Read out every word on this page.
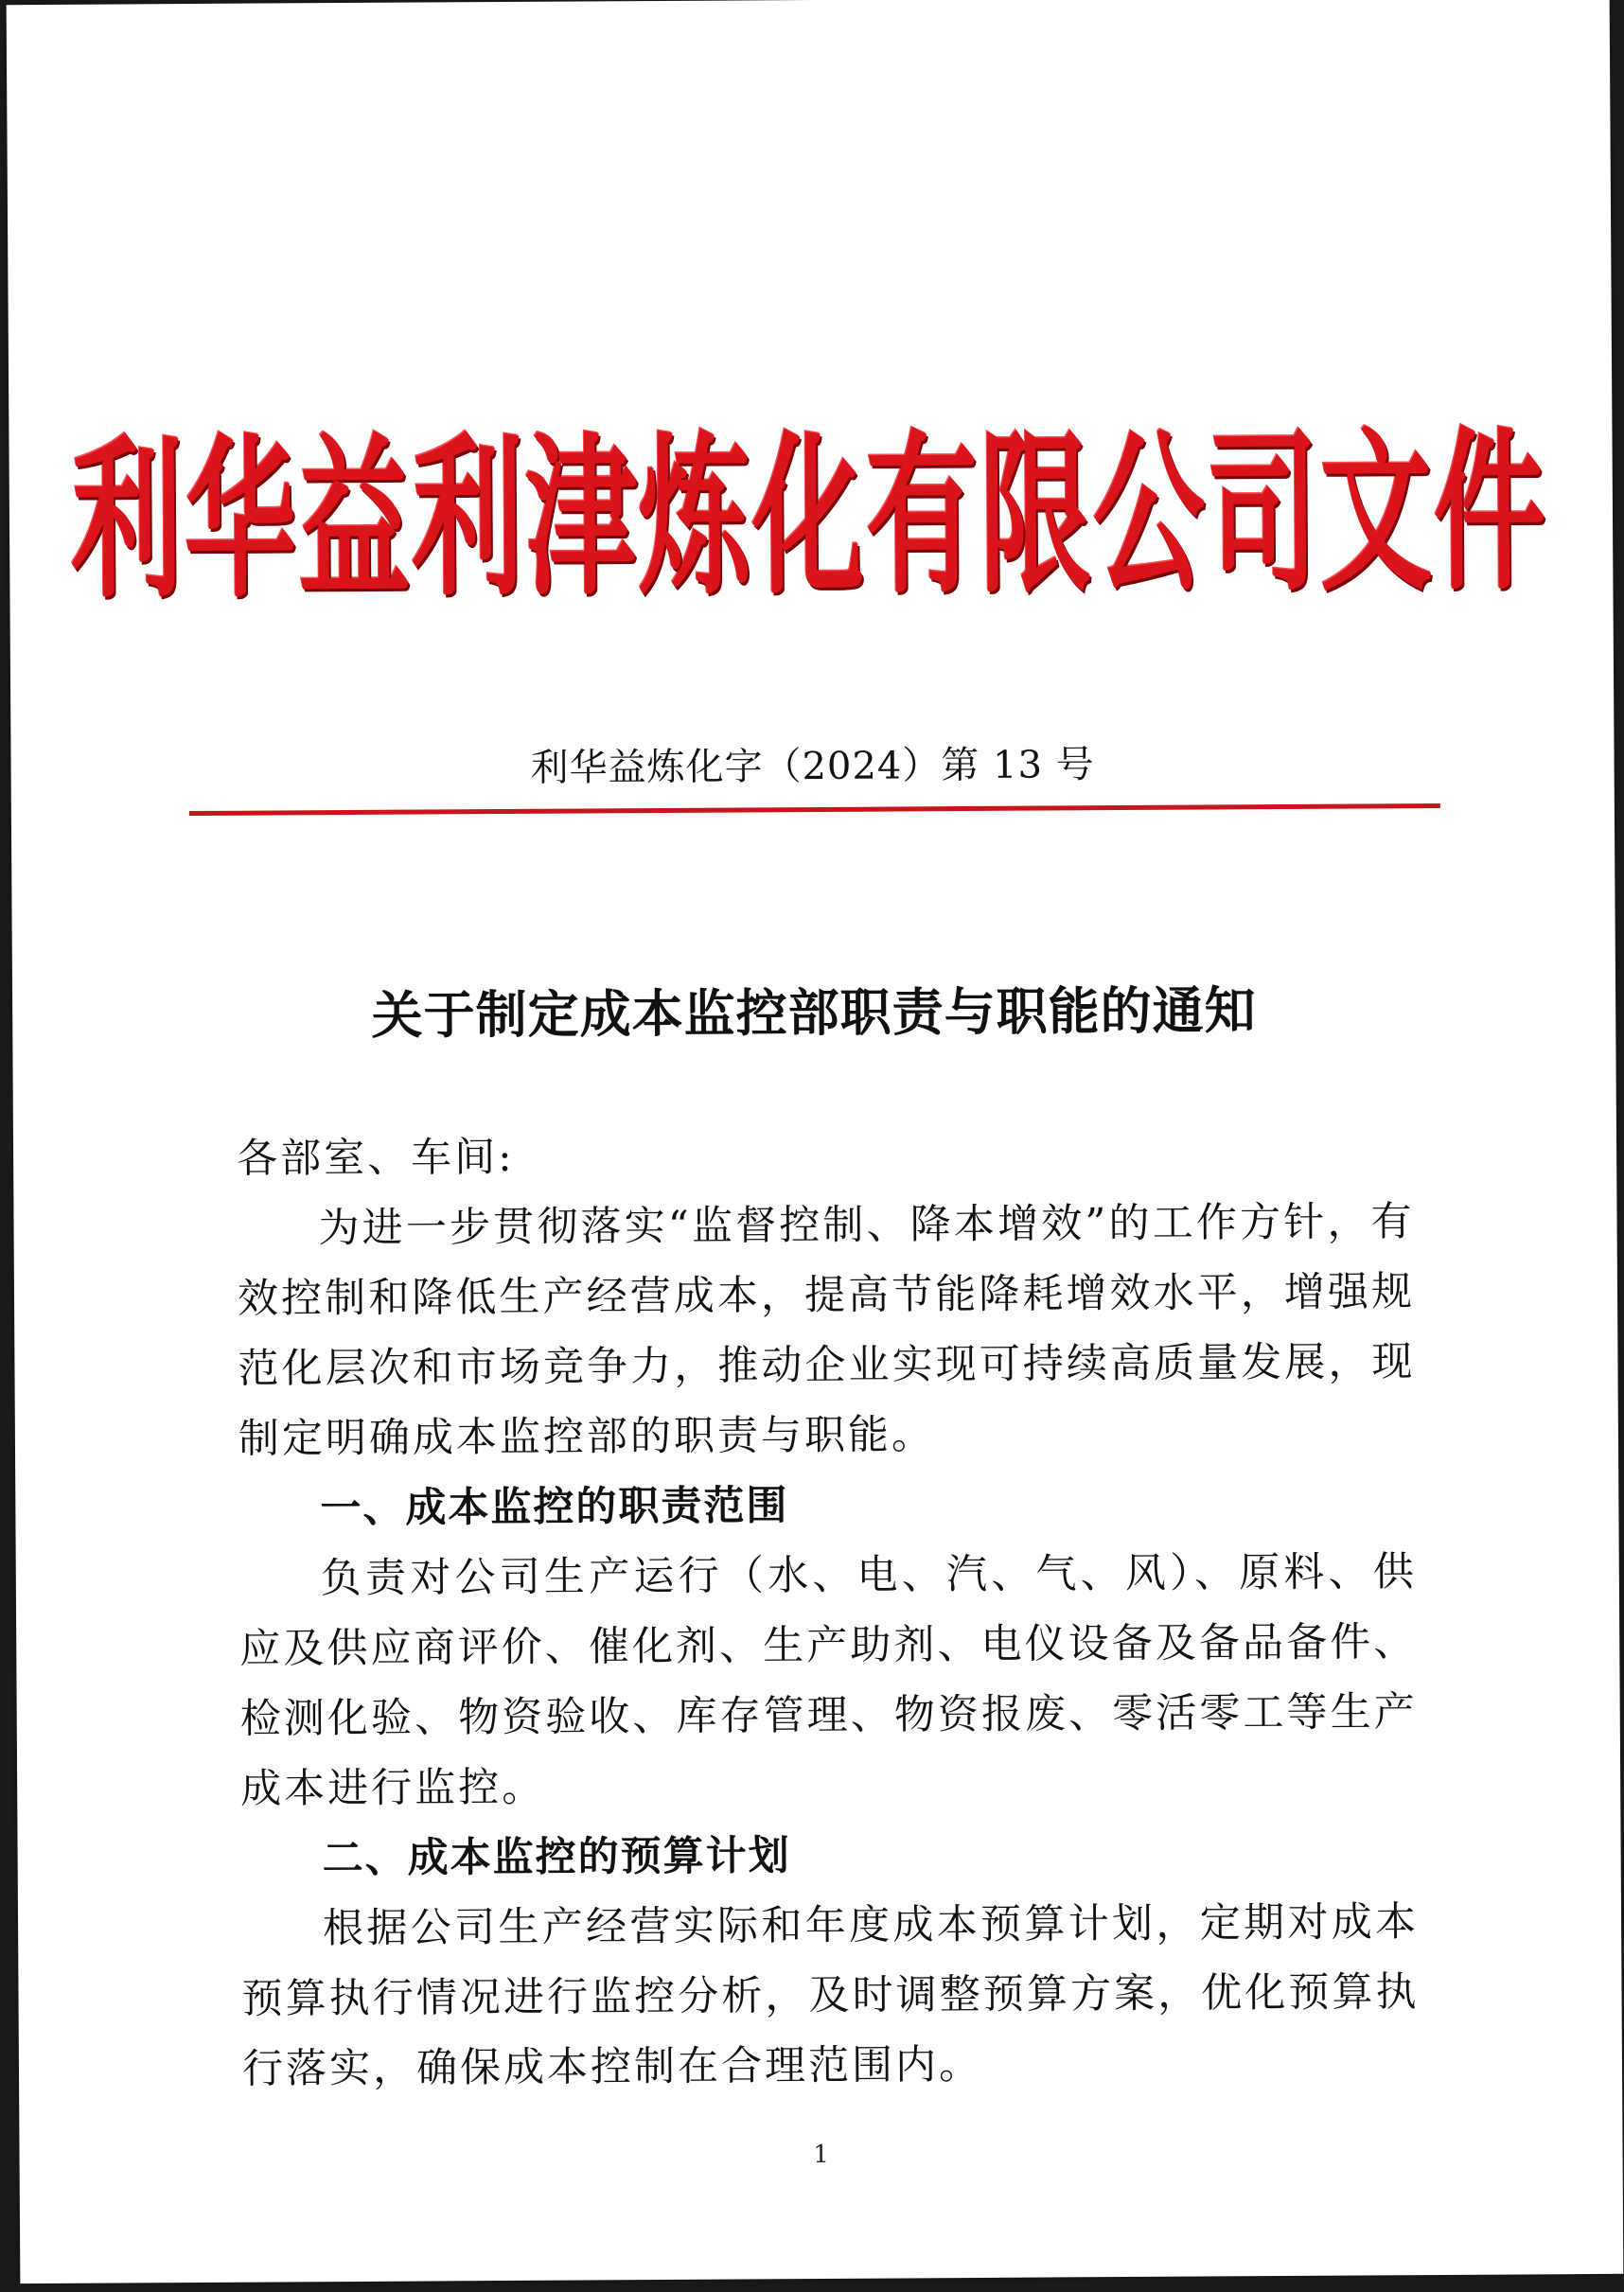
利华益利津炼化有限公司文件
利华益炼化字（2024）第 13 号
关于制定成本监控部职责与职能的通知

各部室、车间:

为进一步贯彻落实“监督控制、降本增效”的工作方针，有效控制和降低生产经营成本，提高节能降耗增效水平，增强规范化层次和市场竞争力，推动企业实现可持续高质量发展，现制定明确成本监控部的职责与职能。

一、成本监控的职责范围

负责对公司生产运行（水、电、汽、气、风）、原料、供应及供应商评价、催化剂、生产助剂、电仪设备及备品备件、检测化验、物资验收、库存管理、物资报废、零活零工等生产成本进行监控。

二、成本监控的预算计划

根据公司生产经营实际和年度成本预算计划，定期对成本预算执行情况进行监控分析，及时调整预算方案，优化预算执行落实，确保成本控制在合理范围内。

1
